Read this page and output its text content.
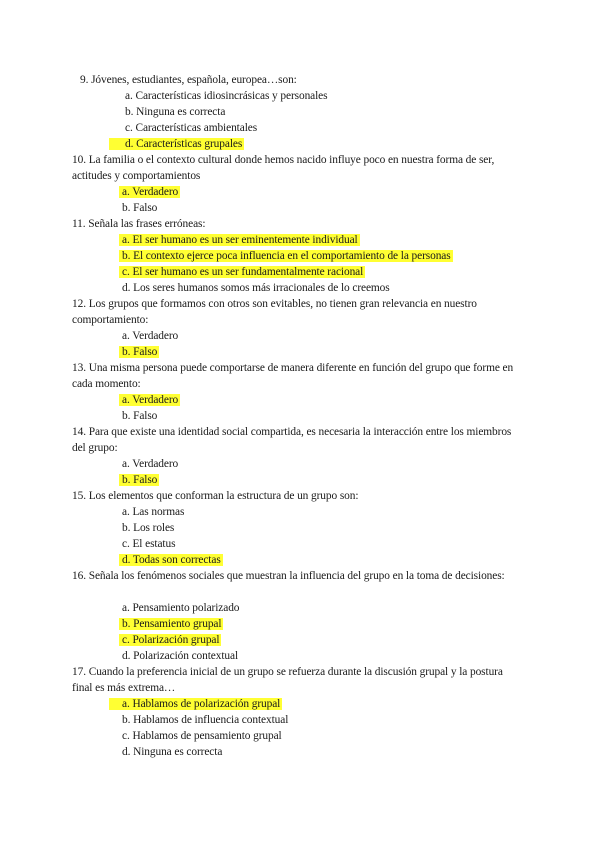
9. Jóvenes, estudiantes, española, europea…son:
a. Características idiosincrásicas y personales
b. Ninguna es correcta
c. Características ambientales
d. Características grupales
10. La familia o el contexto cultural donde hemos nacido influye poco en nuestra forma de ser, actitudes y comportamientos
a. Verdadero
b. Falso
11. Señala las frases erróneas:
a. El ser humano es un ser eminentemente individual
b. El contexto ejerce poca influencia en el comportamiento de la personas
c. El ser humano es un ser fundamentalmente racional
d. Los seres humanos somos más irracionales de lo creemos
12. Los grupos que formamos con otros son evitables, no tienen gran relevancia en nuestro comportamiento:
a. Verdadero
b. Falso
13. Una misma persona puede comportarse de manera diferente en función del grupo que forme en cada momento:
a. Verdadero
b. Falso
14. Para que existe una identidad social compartida, es necesaria la interacción entre los miembros del grupo:
a. Verdadero
b. Falso
15. Los elementos que conforman la estructura de un grupo son:
a. Las normas
b. Los roles
c. El estatus
d. Todas son correctas
16. Señala los fenómenos sociales que muestran la influencia del grupo en la toma de decisiones:
a. Pensamiento polarizado
b. Pensamiento grupal
c. Polarización grupal
d. Polarización contextual
17. Cuando la preferencia inicial de un grupo se refuerza durante la discusión grupal y la postura final es más extrema…
a. Hablamos de polarización grupal
b. Hablamos de influencia contextual
c. Hablamos de pensamiento grupal
d. Ninguna es correcta
